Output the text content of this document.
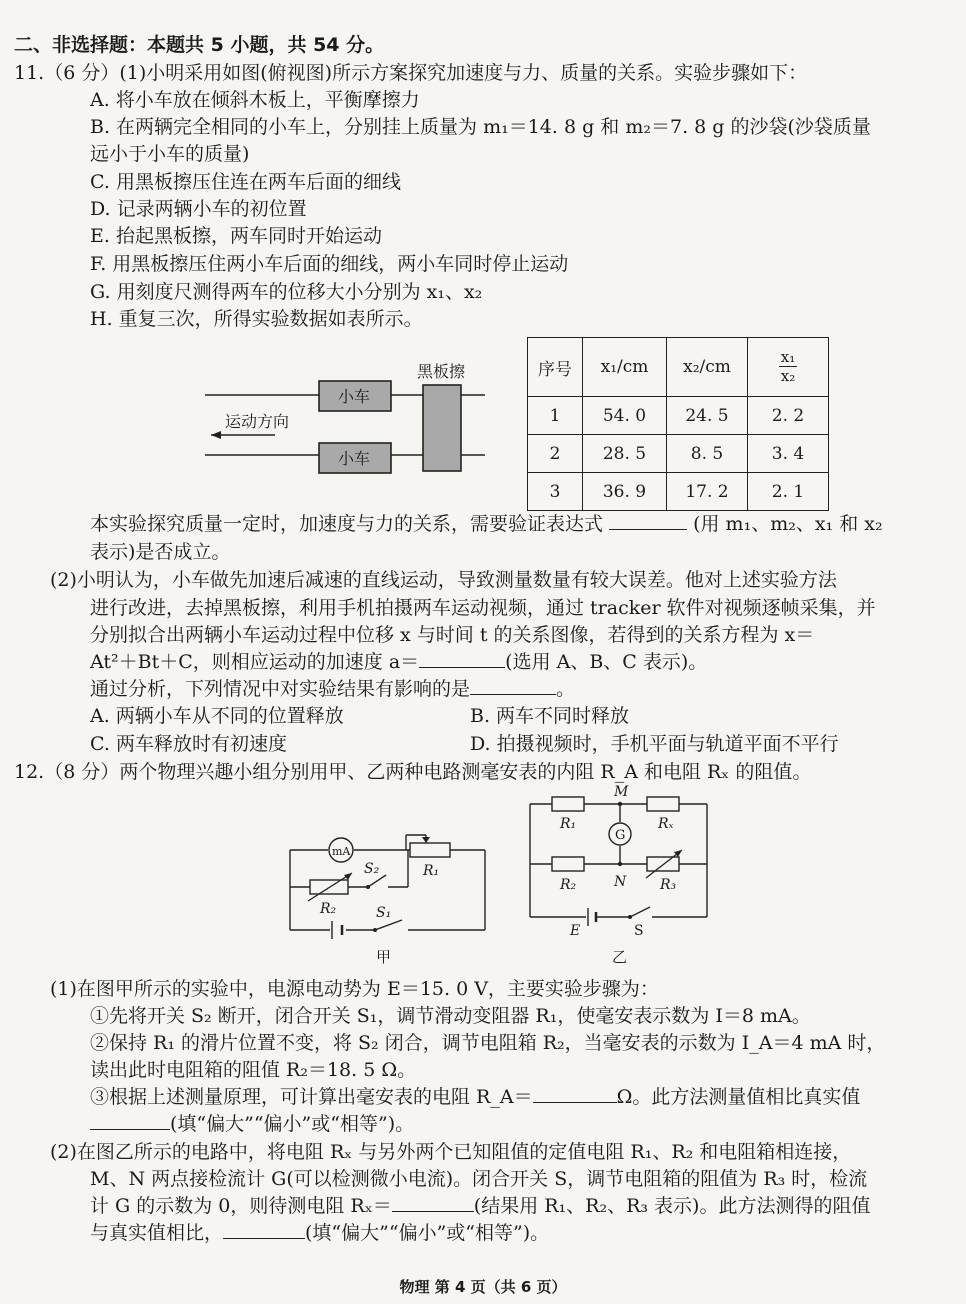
二、非选择题：本题共 5 小题，共 54 分。
11.（6 分）(1)小明采用如图(俯视图)所示方案探究加速度与力、质量的关系。实验步骤如下：
A. 将小车放在倾斜木板上，平衡摩擦力
B. 在两辆完全相同的小车上，分别挂上质量为 m₁＝14. 8 g 和 m₂＝7. 8 g 的沙袋(沙袋质量
远小于小车的质量)
C. 用黑板擦压住连在两车后面的细线
D. 记录两辆小车的初位置
E. 抬起黑板擦，两车同时开始运动
F. 用黑板擦压住两小车后面的细线，两小车同时停止运动
G. 用刻度尺测得两车的位移大小分别为 x₁、x₂
H. 重复三次，所得实验数据如表所示。
小车
小车
黑板擦
运动方向
序号	x₁/cm	x₂/cm	$\frac{\text{x₁}}{\text{x₂}}$

1	54. 0	24. 5	2. 2
2	28. 5	8. 5	3. 4
3	36. 9	17. 2	2. 1
本实验探究质量一定时，加速度与力的关系，需要验证表达式	(用 m₁、m₂、x₁ 和 x₂
表示)是否成立。
(2)小明认为，小车做先加速后减速的直线运动，导致测量数量有较大误差。他对上述实验方法
进行改进，去掉黑板擦，利用手机拍摄两车运动视频，通过 tracker 软件对视频逐帧采集，并
分别拟合出两辆小车运动过程中位移 x 与时间 t 的关系图像，若得到的关系方程为 x＝
At²＋Bt＋C，则相应运动的加速度 a＝	(选用 A、B、C 表示)。
通过分析，下列情况中对实验结果有影响的是	。
A. 两辆小车从不同的位置释放	B. 两车不同时释放
C. 两车释放时有初速度	D. 拍摄视频时，手机平面与轨道平面不平行
12.（8 分）两个物理兴趣小组分别用甲、乙两种电路测毫安表的内阻 R_A 和电阻 Rₓ 的阻值。
mA
R₁
R₂
S₂
S₁
甲
G
M
N
R₁	Rₓ
R₂	R₃
E	S
乙
(1)在图甲所示的实验中，电源电动势为 E＝15. 0 V，主要实验步骤为：
①先将开关 S₂ 断开，闭合开关 S₁，调节滑动变阻器 R₁，使毫安表示数为 I＝8 mA。
②保持 R₁ 的滑片位置不变，将 S₂ 闭合，调节电阻箱 R₂，当毫安表的示数为 I_A＝4 mA 时，
读出此时电阻箱的阻值 R₂＝18. 5 Ω。
③根据上述测量原理，可计算出毫安表的电阻 R_A＝	Ω。此方法测量值相比真实值
(填“偏大”“偏小”或“相等”)。
(2)在图乙所示的电路中，将电阻 Rₓ 与另外两个已知阻值的定值电阻 R₁、R₂ 和电阻箱相连接，
M、N 两点接检流计 G(可以检测微小电流)。闭合开关 S，调节电阻箱的阻值为 R₃ 时，检流
计 G 的示数为 0，则待测电阻 Rₓ＝	(结果用 R₁、R₂、R₃ 表示)。此方法测得的阻值
与真实值相比，	(填“偏大”“偏小”或“相等”)。
物理 第 4 页（共 6 页）
